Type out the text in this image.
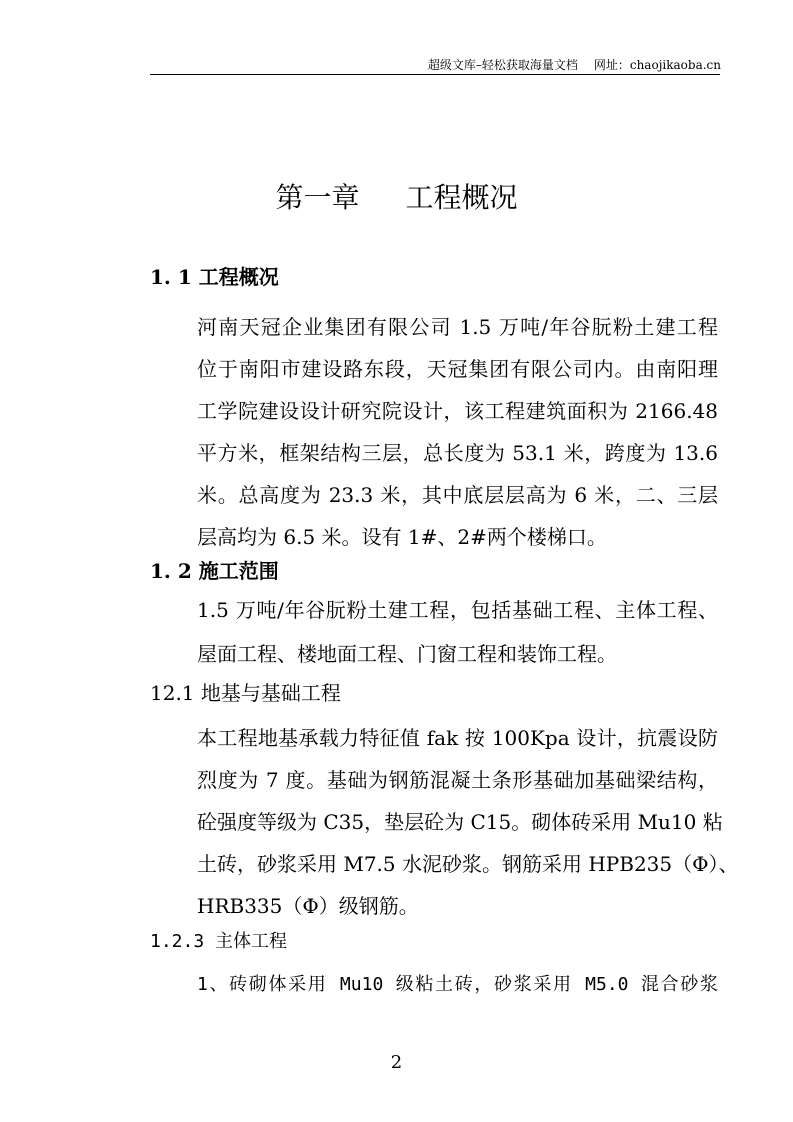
超级文库–轻松获取海量文档 网址：chaojikaoba.cn
第一章 工程概况
1. 1 工程概况
河南天冠企业集团有限公司 1.5 万吨/年谷朊粉土建工程
位于南阳市建设路东段，天冠集团有限公司内。由南阳理
工学院建设设计研究院设计，该工程建筑面积为 2166.48
平方米，框架结构三层，总长度为 53.1 米，跨度为 13.6
米。总高度为 23.3 米，其中底层层高为 6 米，二、三层
层高均为 6.5 米。设有 1#、2#两个楼梯口。
1. 2 施工范围
1.5 万吨/年谷朊粉土建工程，包括基础工程、主体工程、
屋面工程、楼地面工程、门窗工程和装饰工程。
12.1 地基与基础工程
本工程地基承载力特征值 fak 按 100Kpa 设计，抗震设防
烈度为 7 度。基础为钢筋混凝土条形基础加基础梁结构，
砼强度等级为 C35，垫层砼为 C15。砌体砖采用 Mu10 粘
土砖，砂浆采用 M7.5 水泥砂浆。钢筋采用 HPB235（Φ）、
HRB335（Φ）级钢筋。
1.2.3 主体工程
1、砖砌体采用 Mu10 级粘土砖，砂浆采用 M5.0 混合砂浆
2
